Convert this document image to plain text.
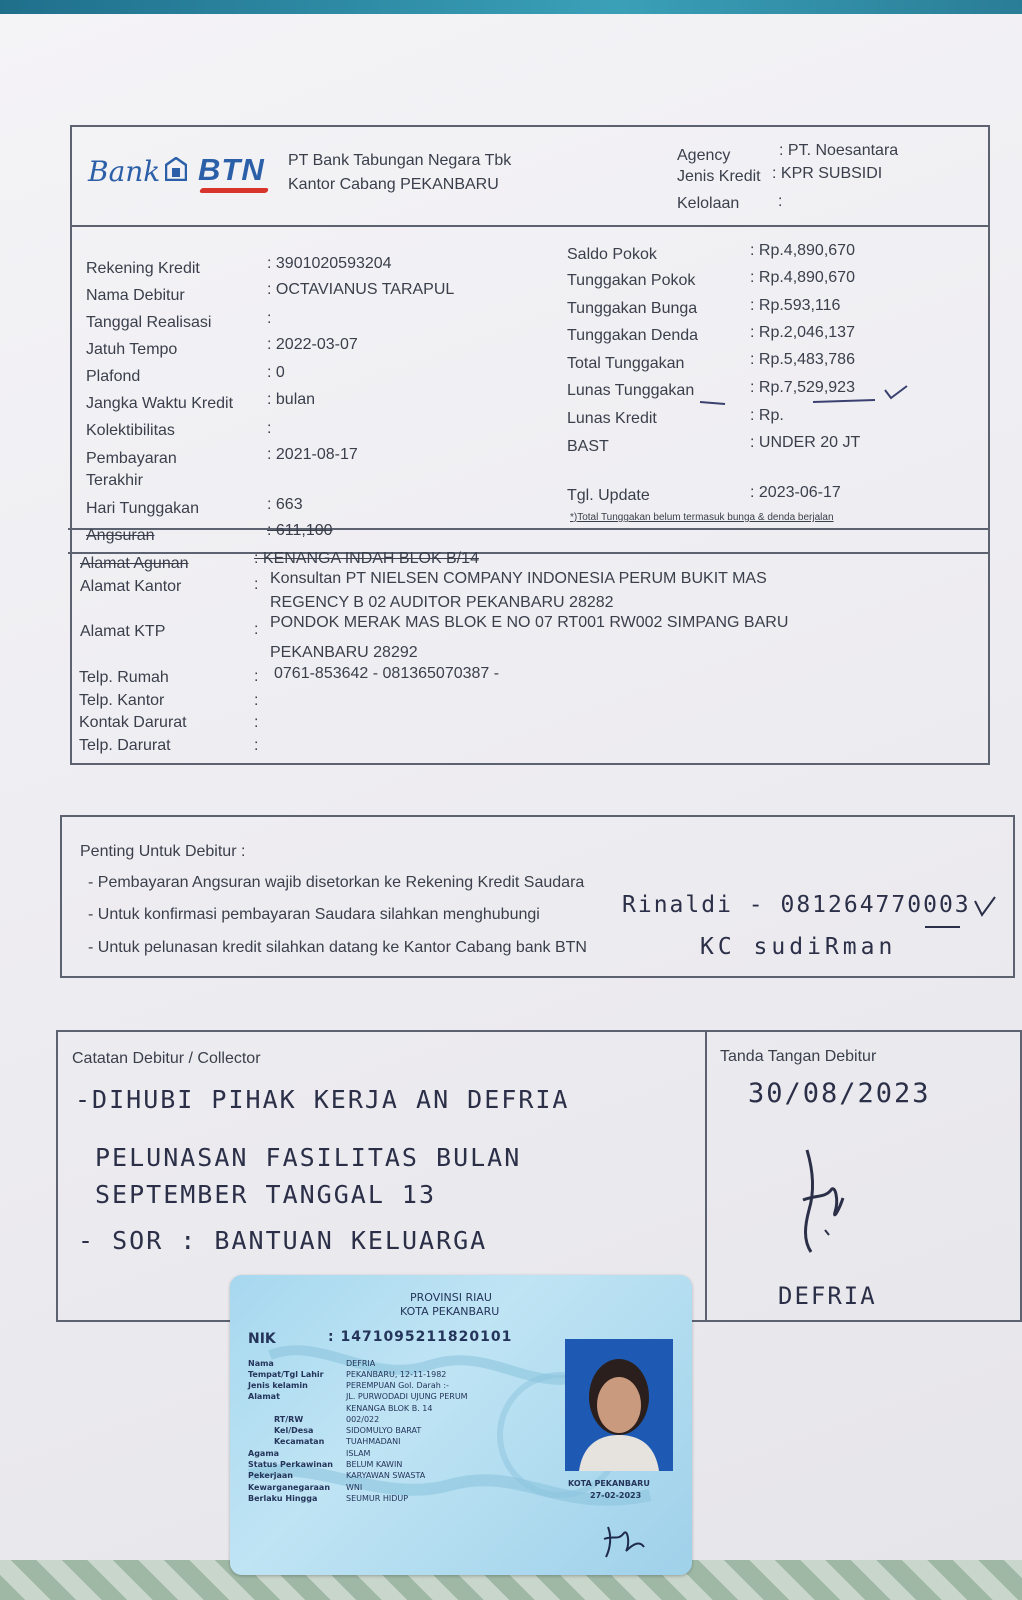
Bank BTN PT Bank Tabungan Negara Tbk
Kantor Cabang PEKANBARU
Agency	: PT. Noesantara
Jenis Kredit : KPR SUBSIDI
Kelolaan :
Rekening Kredit	: 3901020593204
Nama Debitur	: OCTAVIANUS TARAPUL
Tanggal Realisasi	:
Jatuh Tempo	: 2022-03-07
Plafond	: 0
Jangka Waktu Kredit : bulan
Kolektibilitas	:
Pembayaran
Terakhir
: 2021-08-17
Hari Tunggakan	: 663
Angsuran	: 611,100
Saldo Pokok	: Rp.4,890,670
Tunggakan Pokok	: Rp.4,890,670
Tunggakan Bunga	: Rp.593,116
Tunggakan Denda	: Rp.2,046,137
Total Tunggakan	: Rp.5,483,786
Lunas Tunggakan	: Rp.7,529,923
Lunas Kredit	: Rp.
BAST	: UNDER 20 JT
Tgl. Update	: 2023-06-17
*)Total Tunggakan belum termasuk bunga & denda berjalan
Alamat Agunan	: KENANGA INDAH BLOK B/14
Alamat Kantor	: Konsultan PT NIELSEN COMPANY INDONESIA PERUM BUKIT MAS
REGENCY B 02 AUDITOR PEKANBARU 28282
Alamat KTP	: PONDOK MERAK MAS BLOK E NO 07 RT001 RW002 SIMPANG BARU
PEKANBARU 28292
Telp. Rumah	: 0761-853642 - 081365070387 -
Telp. Kantor	:
Kontak Darurat	:
Telp. Darurat	:
Penting Untuk Debitur :
- Pembayaran Angsuran wajib disetorkan ke Rekening Kredit Saudara
- Untuk konfirmasi pembayaran Saudara silahkan menghubungi	Rinaldi - 081264770003
- Untuk pelunasan kredit silahkan datang ke Kantor Cabang bank BTN	KC sudiRman
Catatan Debitur / Collector
-DIHUBI PIHAK KERJA AN DEFRIA
PELUNASAN FASILITAS BULAN
SEPTEMBER TANGGAL 13
- SOR : BANTUAN KELUARGA
Tanda Tangan Debitur
30/08/2023
DEFRIA
PROVINSI RIAU
KOTA PEKANBARU
NIK	: 1471095211820101
Nama	DEFRIA
Tempat/Tgl Lahir	PEKANBARU, 12-11-1982
Jenis kelamin	PEREMPUAN Gol. Darah :-
Alamat	JL. PURWODADI UJUNG PERUM
KENANGA BLOK B. 14
RT/RW	002/022
Kel/Desa	SIDOMULYO BARAT
Kecamatan	TUAHMADANI
Agama	ISLAM
Status Perkawinan BELUM KAWIN
Pekerjaan	KARYAWAN SWASTA
Kewarganegaraan WNI
Berlaku Hingga	SEUMUR HIDUP
KOTA PEKANBARU
27-02-2023
